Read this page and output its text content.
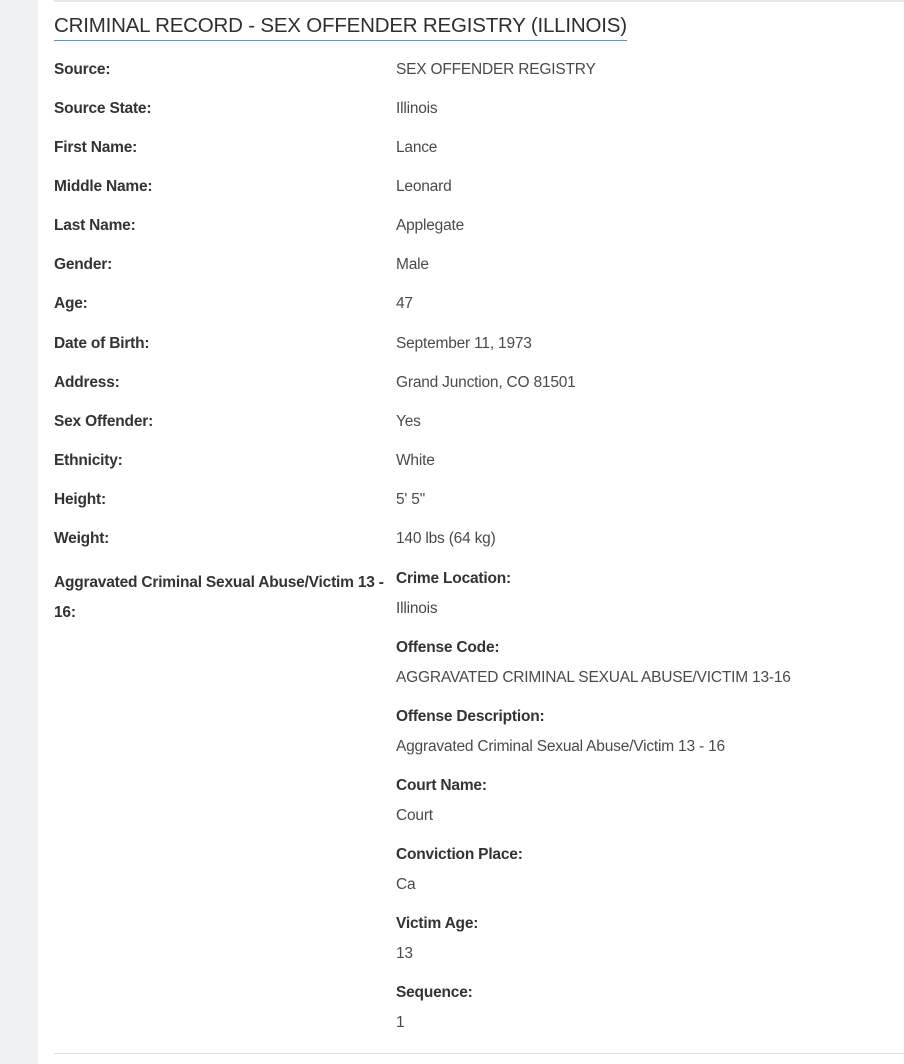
CRIMINAL RECORD - SEX OFFENDER REGISTRY (ILLINOIS)
Source:	SEX OFFENDER REGISTRY
Source State:	Illinois
First Name:	Lance
Middle Name:	Leonard
Last Name:	Applegate
Gender:	Male
Age:	47
Date of Birth:	September 11, 1973
Address:	Grand Junction, CO 81501
Sex Offender:	Yes
Ethnicity:	White
Height:	5' 5"
Weight:	140 lbs (64 kg)
Aggravated Criminal Sexual Abuse/Victim 13 - 16:
Crime Location:
Illinois
Offense Code:
AGGRAVATED CRIMINAL SEXUAL ABUSE/VICTIM 13-16
Offense Description:
Aggravated Criminal Sexual Abuse/Victim 13 - 16
Court Name:
Court
Conviction Place:
Ca
Victim Age:
13
Sequence:
1
